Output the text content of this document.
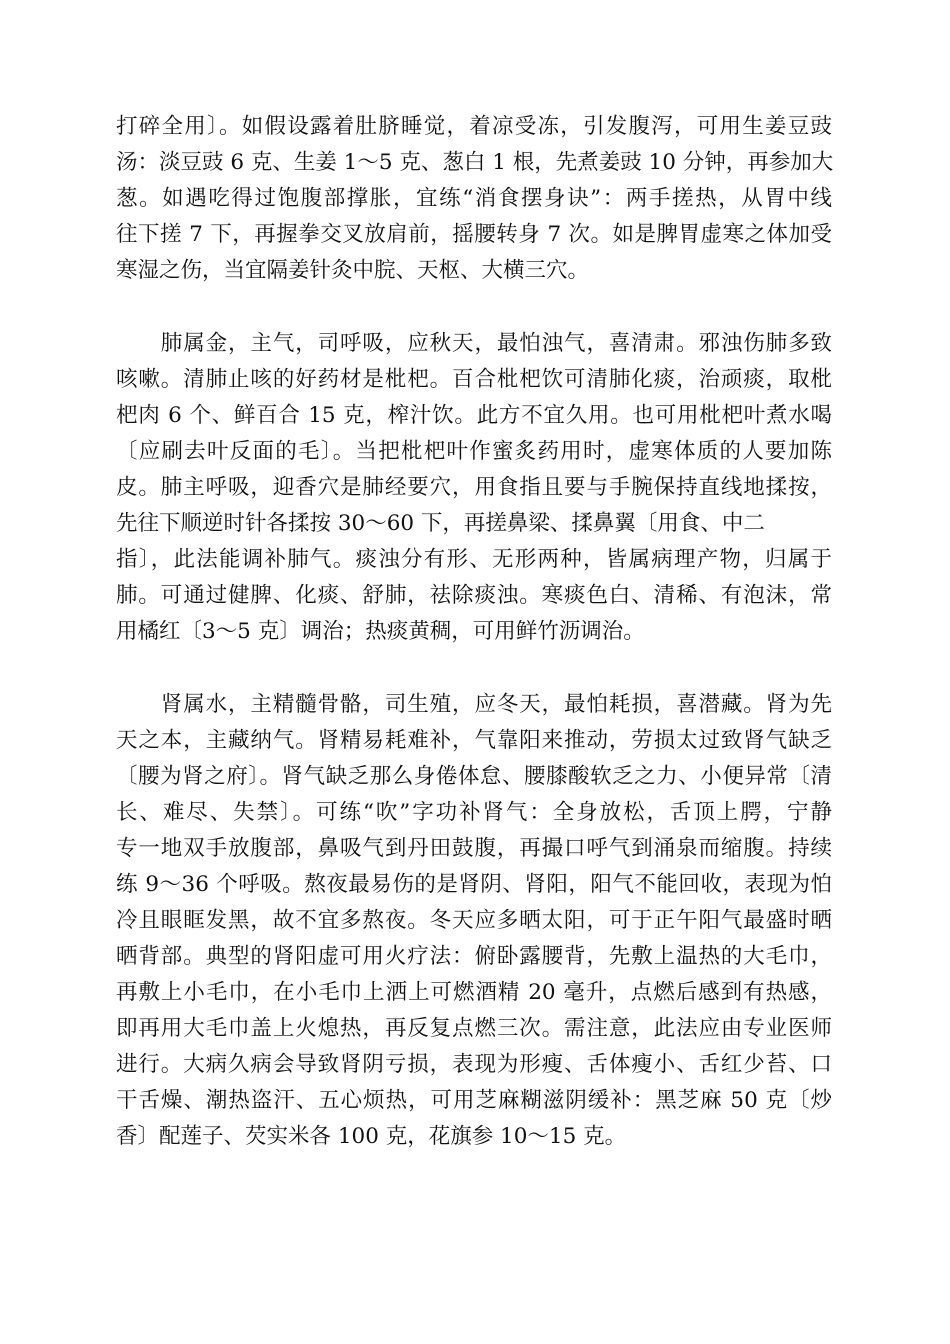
打碎全用〕。如假设露着肚脐睡觉，着凉受冻，引发腹泻，可用生姜豆豉
汤：淡豆豉 6 克、生姜 1～5 克、葱白 1 根，先煮姜豉 10 分钟，再参加大
葱。如遇吃得过饱腹部撑胀，宜练“消食摆身诀”：两手搓热，从胃中线
往下搓 7 下，再握拳交叉放肩前，摇腰转身 7 次。如是脾胃虚寒之体加受
寒湿之伤，当宜隔姜针灸中脘、天枢、大横三穴。
　　肺属金，主气，司呼吸，应秋天，最怕浊气，喜清肃。邪浊伤肺多致
咳嗽。清肺止咳的好药材是枇杷。百合枇杷饮可清肺化痰，治顽痰，取枇
杷肉 6 个、鲜百合 15 克，榨汁饮。此方不宜久用。也可用枇杷叶煮水喝
〔应刷去叶反面的毛〕。当把枇杷叶作蜜炙药用时，虚寒体质的人要加陈
皮。肺主呼吸，迎香穴是肺经要穴，用食指且要与手腕保持直线地揉按，
先往下顺逆时针各揉按 30～60 下，再搓鼻梁、揉鼻翼〔用食、中二
指〕，此法能调补肺气。痰浊分有形、无形两种，皆属病理产物，归属于
肺。可通过健脾、化痰、舒肺，祛除痰浊。寒痰色白、清稀、有泡沫，常
用橘红〔3～5 克〕调治；热痰黄稠，可用鲜竹沥调治。
　　肾属水，主精髓骨骼，司生殖，应冬天，最怕耗损，喜潜藏。肾为先
天之本，主藏纳气。肾精易耗难补，气靠阳来推动，劳损太过致肾气缺乏
〔腰为肾之府〕。肾气缺乏那么身倦体怠、腰膝酸软乏之力、小便异常〔清
长、难尽、失禁〕。可练“吹”字功补肾气：全身放松，舌顶上腭，宁静
专一地双手放腹部，鼻吸气到丹田鼓腹，再撮口呼气到涌泉而缩腹。持续
练 9～36 个呼吸。熬夜最易伤的是肾阴、肾阳，阳气不能回收，表现为怕
冷且眼眶发黑，故不宜多熬夜。冬天应多晒太阳，可于正午阳气最盛时晒
晒背部。典型的肾阳虚可用火疗法：俯卧露腰背，先敷上温热的大毛巾，
再敷上小毛巾，在小毛巾上洒上可燃酒精 20 毫升，点燃后感到有热感，
即再用大毛巾盖上火熄热，再反复点燃三次。需注意，此法应由专业医师
进行。大病久病会导致肾阴亏损，表现为形瘦、舌体瘦小、舌红少苔、口
干舌燥、潮热盗汗、五心烦热，可用芝麻糊滋阴缓补：黑芝麻 50 克〔炒
香〕配莲子、芡实米各 100 克，花旗参 10～15 克。
